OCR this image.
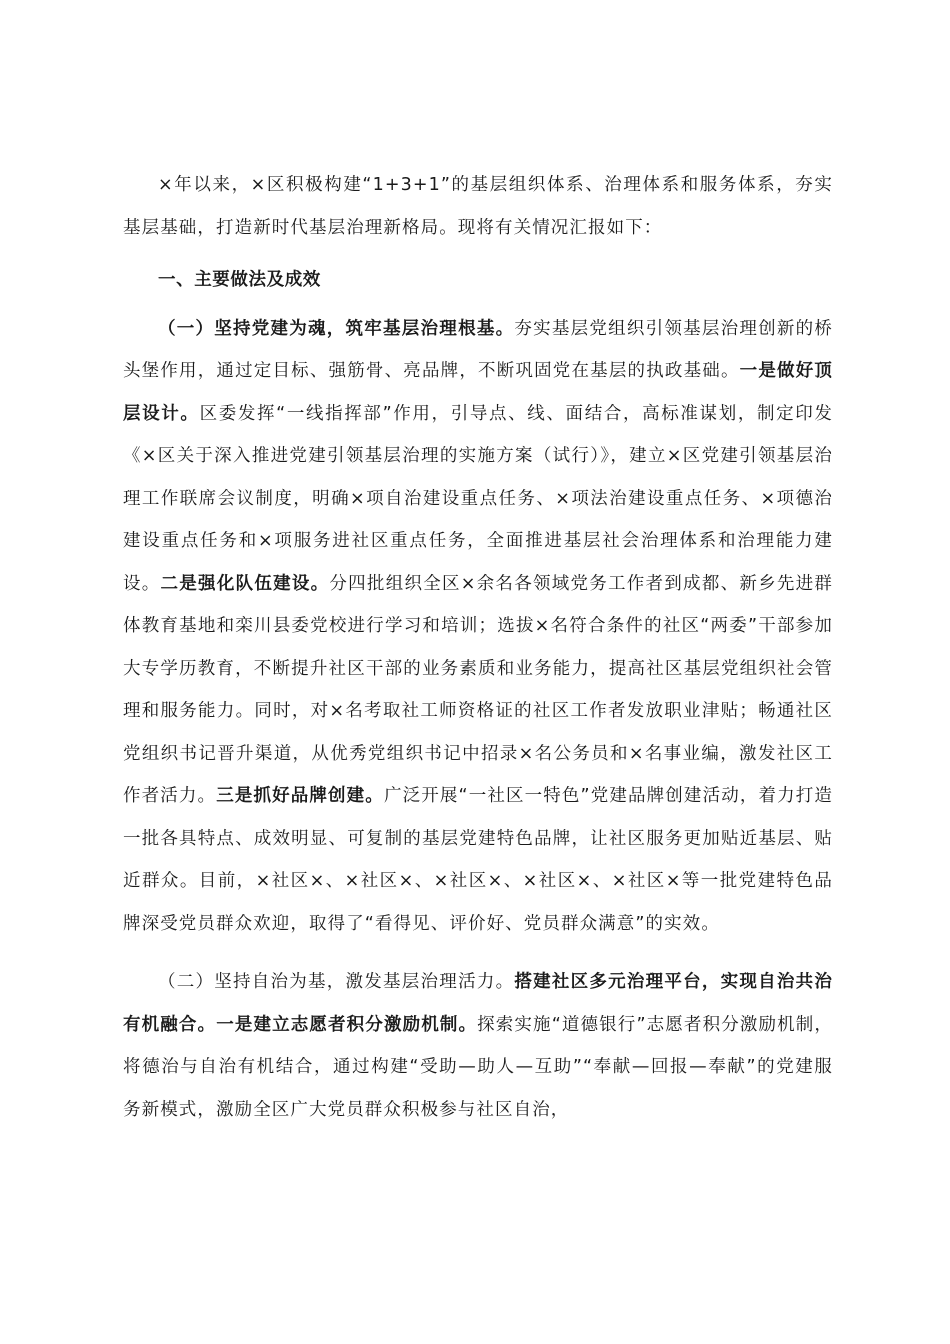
×年以来，×区积极构建“1+3+1”的基层组织体系、治理体系和服务体系，夯实基层基础，打造新时代基层治理新格局。现将有关情况汇报如下：

一、主要做法及成效

（一）坚持党建为魂，筑牢基层治理根基。夯实基层党组织引领基层治理创新的桥头堡作用，通过定目标、强筋骨、亮品牌，不断巩固党在基层的执政基础。一是做好顶层设计。区委发挥“一线指挥部”作用，引导点、线、面结合，高标准谋划，制定印发《×区关于深入推进党建引领基层治理的实施方案（试行）》，建立×区党建引领基层治理工作联席会议制度，明确×项自治建设重点任务、×项法治建设重点任务、×项德治建设重点任务和×项服务进社区重点任务，全面推进基层社会治理体系和治理能力建设。二是强化队伍建设。分四批组织全区×余名各领域党务工作者到成都、新乡先进群体教育基地和栾川县委党校进行学习和培训；选拔×名符合条件的社区“两委”干部参加大专学历教育，不断提升社区干部的业务素质和业务能力，提高社区基层党组织社会管理和服务能力。同时，对×名考取社工师资格证的社区工作者发放职业津贴；畅通社区党组织书记晋升渠道，从优秀党组织书记中招录×名公务员和×名事业编，激发社区工作者活力。三是抓好品牌创建。广泛开展“一社区一特色”党建品牌创建活动，着力打造一批各具特点、成效明显、可复制的基层党建特色品牌，让社区服务更加贴近基层、贴近群众。目前，×社区×、×社区×、×社区×、×社区×、×社区×等一批党建特色品牌深受党员群众欢迎，取得了“看得见、评价好、党员群众满意”的实效。

（二）坚持自治为基，激发基层治理活力。搭建社区多元治理平台，实现自治共治有机融合。一是建立志愿者积分激励机制。探索实施“道德银行”志愿者积分激励机制，将德治与自治有机结合，通过构建“受助—助人—互助”“奉献—回报—奉献”的党建服务新模式，激励全区广大党员群众积极参与社区自治，
